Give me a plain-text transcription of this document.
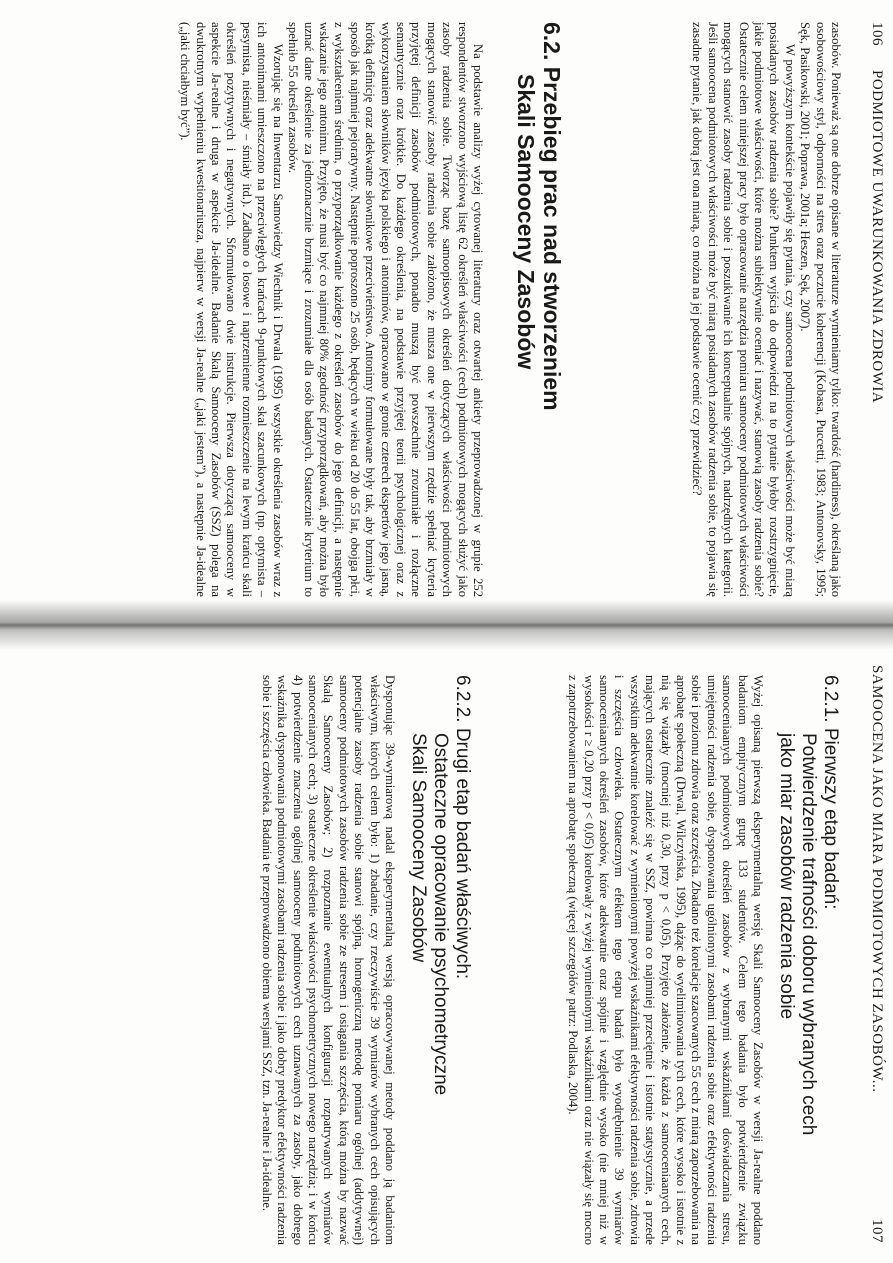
106
PODMIOTOWE UWARUNKOWANIA ZDROWIA

zasobów. Ponieważ są one dobrze opisane w literaturze wymieniamy tylko: twardość (hardiness), określaną jako osobowościowy styl, odporności na stres oraz poczucie koherencji (Kobasa, Puccetti, 1983; Antonovsky, 1995; Sęk, Pasikowski, 2001; Poprawa, 2001a; Heszen, Sęk, 2007).

W powyższym kontekście pojawiły się pytania, czy samoocena podmiotowych właściwości może być miarą posiadanych zasobów radzenia sobie? Punktem wyjścia do odpowiedzi na to pytanie byłoby rozstrzygnięcie, jakie podmiotowe właściwości, które można subiektywnie oceniać i nazywać, stanowią zasoby radzenia sobie? Ostatecznie celem niniejszej pracy było opracowanie narzędzia pomiaru samooceny podmiotowych właściwości mogących stanowić zasoby radzenia sobie i poszukiwanie ich konceptualnie spójnych, nadrzędnych kategorii. Jeśli samoocena podmiotowych właściwości może być miarą posiadanych zasobów radzenia sobie, to pojawia się zasadne pytanie, jak dobrą jest ona miarą, co można na jej podstawie ocenić czy przewidzieć?

6.2. Przebieg prac nad stworzeniem
Skali Samooceny Zasobów

Na podstawie analizy wyżej cytowanej literatury oraz otwartej ankiety przeprowadzonej w grupie 252 respondentów stworzono wyjściową listę 62 określeń właściwości (cech) podmiotowych mogących służyć jako zasoby radzenia sobie. Tworząc bazę samoopisowych określeń dotyczących właściwości podmiotowych mogących stanowić zasoby radzenia sobie założono, że musza one w pierwszym rzędzie spełniać kryteria przyjętej definicji zasobów podmiotowych, ponadto muszą być powszechnie zrozumiałe i rozłączne semantycznie oraz krótkie. Do każdego określenia, na podstawie przyjętej teorii psychologicznej oraz z wykorzystaniem słowników języka polskiego i antonimów, opracowano w gronie czterech ekspertów jego jasną, krótką definicję oraz adekwatne słownikowe przeciwieństwo. Antonimy formułowane były tak, aby brzmiały w sposób jak najmniej pejoratywny. Następnie poproszono 25 osób, będących w wieku od 20 do 55 lat, obojga płci, z wykształceniem średnim, o przyporządkowanie każdego z określeń zasobów do jego definicji, a następnie wskazanie jego antonimu. Przyjęto, że musi być co najmniej 80% zgodność przyporządkowań, aby można było uznać dane określenie za jednoznacznie brzmiące i zrozumiałe dla osób badanych. Ostatecznie kryterium to spełniło 55 określeń zasobów.

Wzorując się na Inwentarzu Samowiedzy Wiechnik i Drwala (1995) wszystkie określenia zasobów wraz z ich antonimami umieszczono na przeciwległych krańcach 9-punktowych skal szacunkowych (np. optymista – pesymista, nieśmiały – śmiały itd.). Zadbano o losowe i naprzemienne rozmieszczenie na lewym krańcu skali określeń pozytywnych i negatywnych. Sformułowano dwie instrukcje. Pierwsza dotyczącą samooceny w aspekcie Ja-realne i druga w aspekcie Ja-idealne. Badanie Skalą Samooceny Zasobów (SSZ) polega na dwukrotnym wypełnieniu kwestionariusza, najpierw w wersji Ja-realne („jaki jestem”), a następnie Ja-idealne („jaki chciałbym być”).

SAMOOCENA JAKO MIARA PODMIOTOWYCH ZASOBÓW...
107
6.2.1. Pierwszy etap badań:
Potwierdzenie trafności doboru wybranych cech
jako miar zasobów radzenia sobie

Wyżej opisaną pierwszą eksperymentalną wersję Skali Samooceny Zasobów w wersji Ja-realne poddano badaniom empirycznym grupę 133 studentów. Celem tego badania było potwierdzenie związku samooceniaanych podmiotowych określeń zasobów z wybranymi wskaźnikami doświadczania stresu, umiejętności radzenia sobie, dysponowania ugólnionymi zasobami radzenia sobie oraz efektywności radzenia sobie i poziomu zdrowia oraz szczęścia. Zbadano też korelacje szacowanych 55 cech z miarą zaporzebowania na aprobatę społeczną (Drwal, Wilczyńska, 1995), dążąc do wyeliminowania tych cech, które wysoko i istotnie z nią się wiązały (mocniej niż 0,30, przy p < 0,05). Przyjęto założenie, że każda z samooceniaanych cech, mających ostatecznie znaleźć się w SSZ, powinna co najmniej przeciętnie i istotnie statystycznie, a przede wszystkim adekwatnie korelować z wymienionymi powyżej wskaźnikami efektywności radzenia sobie, zdrowia i szczęścia człowieka. Ostatecznym efektem tego etapu badań było wyodrębnienie 39 wymiarów samooceniaanych określeń zasobów, które adekwatnie oraz spójnie i względnie wysoko (nie mniej niż w wysokości r ≥ 0,20 przy p < 0,05) korelowały z wyżej wymienionymi wskaźnikami oraz nie wiązały się mocno z zapotrzebowaniem na aprobatę społeczną (więcej szczegółów patrz: Podlaska, 2004).

6.2.2. Drugi etap badań właściwych:
Ostateczne opracowanie psychometryczne
Skali Samooceny Zasobów

Dysponując 39-wymiarową nadal eksperymentalną wersją opracowywanej metody poddano ją badaniom właściwym, których celem było: 1) zbadanie, czy rzeczywiście 39 wymiarów wybranych cech opisujących potencjalne zasoby radzenia sobie stanowi spójną, homogeniczną metodę pomiaru ogólnej (addytywnej) samooceny podmiotowych zasobów radzenia sobie ze stresem i osiągania szczęścia, którą można by nazwać Skalą Samooceny Zasobów; 2) rozpoznanie ewentualnych konfiguracji rozpatrywanych wymiarów samoocenianych cech; 3) ostateczne określenie właściwości psychometrycznych nowego narzędzia; i w końcu 4) potwierdzenie znaczenia ogólnej samooceny podmiotowych cech uznawanych za zasoby, jako dobrego wskaźnika dysponowania podmiotowymi zasobami radzenia sobie i jako dobry predyktor efektywności radzenia sobie i szczęścia człowieka. Badania te przeprowadzono obiema wersjami SSZ, tzn. Ja-realne i Ja-idealne.
